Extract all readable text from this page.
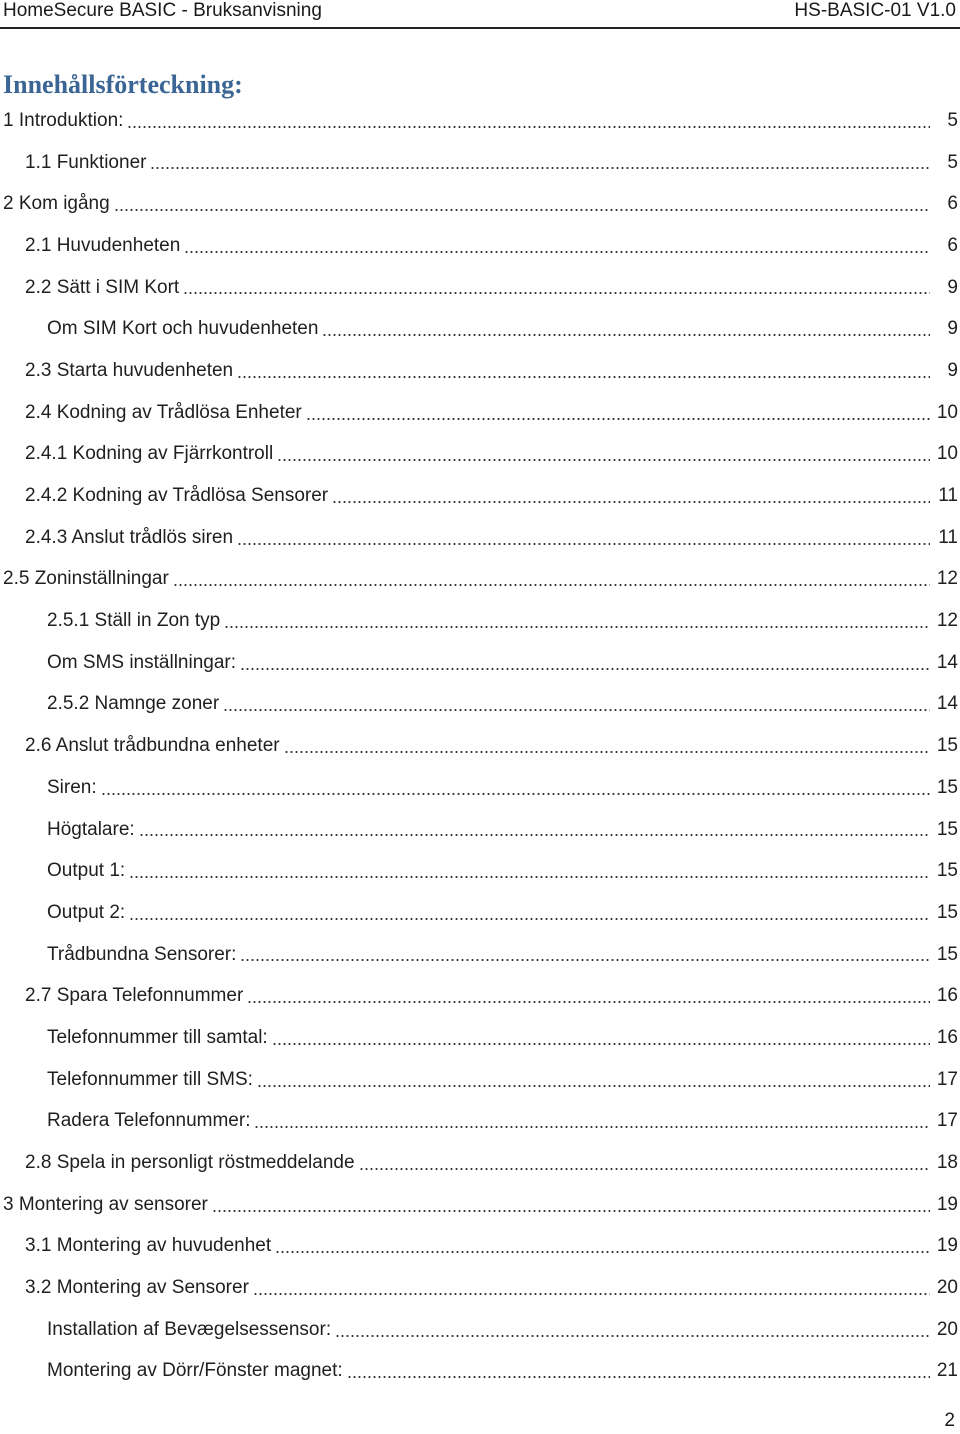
HomeSecure BASIC - Bruksanvisning	HS-BASIC-01 V1.0
Innehållsförteckning:
1 Introduktion:	5
1.1 Funktioner	5
2 Kom igång	6
2.1 Huvudenheten	6
2.2 Sätt i SIM Kort	9
Om SIM Kort och huvudenheten	9
2.3 Starta huvudenheten	9
2.4 Kodning av Trådlösa Enheter	10
2.4.1 Kodning av Fjärrkontroll	10
2.4.2 Kodning av Trådlösa Sensorer	11
2.4.3 Anslut trådlös siren	11
2.5 Zoninställningar	12
2.5.1 Ställ in Zon typ	12
Om SMS inställningar:	14
2.5.2 Namnge zoner	14
2.6 Anslut trådbundna enheter	15
Siren:	15
Högtalare:	15
Output 1:	15
Output 2:	15
Trådbundna Sensorer:	15
2.7 Spara Telefonnummer	16
Telefonnummer till samtal:	16
Telefonnummer till SMS:	17
Radera Telefonnummer:	17
2.8 Spela in personligt röstmeddelande	18
3 Montering av sensorer	19
3.1 Montering av huvudenhet	19
3.2 Montering av Sensorer	20
Installation af Bevægelsessensor:	20
Montering av Dörr/Fönster magnet:	21
2
